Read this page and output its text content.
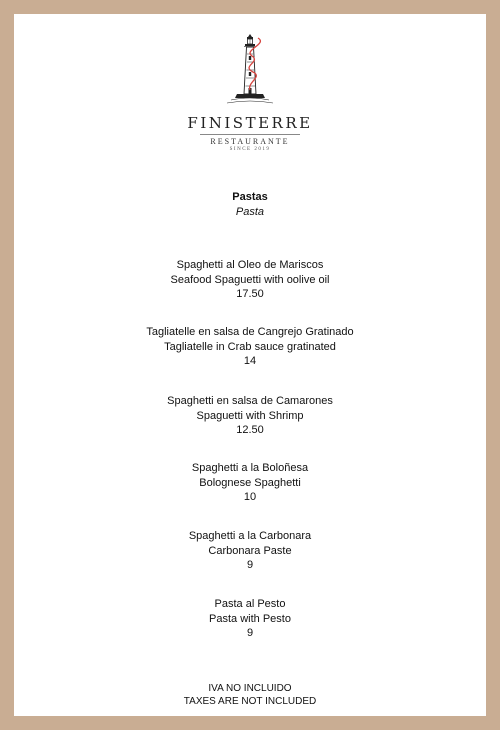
FINISTERRE
RESTAURANTE
SINCE 2019
Pastas
Pasta
Spaghetti al Oleo de Mariscos
Seafood Spaguetti with oolive oil
17.50
Tagliatelle en salsa de Cangrejo Gratinado
Tagliatelle in Crab sauce gratinated
14
Spaghetti en salsa de Camarones
Spaguetti with Shrimp
12.50
Spaghetti a la Boloñesa
Bolognese Spaghetti
10
Spaghetti a la Carbonara
Carbonara Paste
9
Pasta al Pesto
Pasta with Pesto
9
IVA NO INCLUIDO
TAXES ARE NOT INCLUDED
